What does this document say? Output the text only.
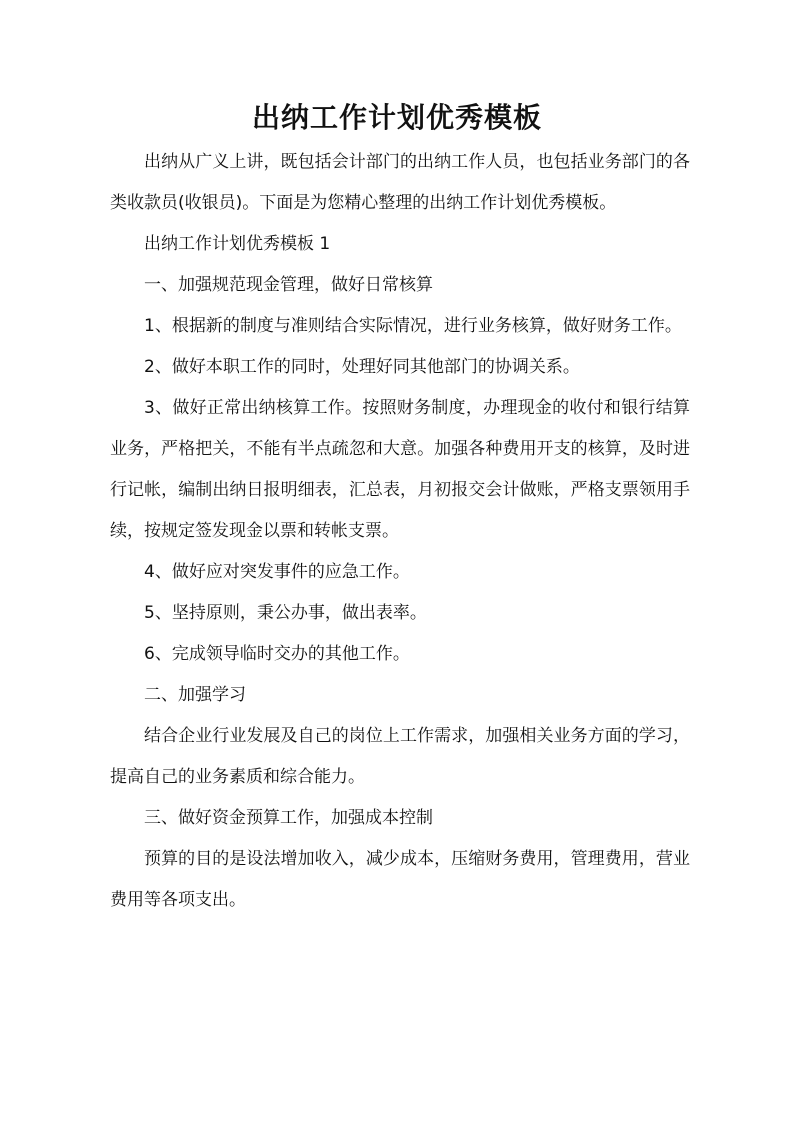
出纳工作计划优秀模板

出纳从广义上讲，既包括会计部门的出纳工作人员，也包括业务部门的各类收款员(收银员)。下面是为您精心整理的出纳工作计划优秀模板。

出纳工作计划优秀模板 1

一、加强规范现金管理，做好日常核算

1、根据新的制度与准则结合实际情况，进行业务核算，做好财务工作。

2、做好本职工作的同时，处理好同其他部门的协调关系。

3、做好正常出纳核算工作。按照财务制度，办理现金的收付和银行结算业务，严格把关，不能有半点疏忽和大意。加强各种费用开支的核算，及时进行记帐，编制出纳日报明细表，汇总表，月初报交会计做账，严格支票领用手续，按规定签发现金以票和转帐支票。

4、做好应对突发事件的应急工作。

5、坚持原则，秉公办事，做出表率。

6、完成领导临时交办的其他工作。

二、加强学习

结合企业行业发展及自己的岗位上工作需求，加强相关业务方面的学习，提高自己的业务素质和综合能力。

三、做好资金预算工作，加强成本控制

预算的目的是设法增加收入，减少成本，压缩财务费用，管理费用，营业费用等各项支出。
